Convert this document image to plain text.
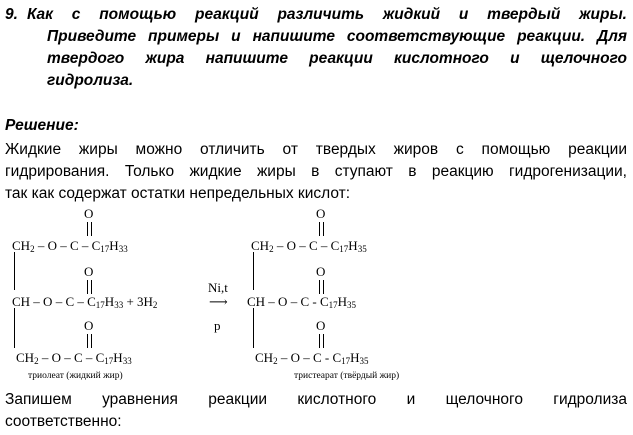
9. Как с помощью реакций различить жидкий и твердый жиры.
Приведите примеры и напишите соответствующие реакции. Для
твердого жира напишите реакции кислотного и щелочного
гидролиза.
Решение:
Жидкие жиры можно отличить от твердых жиров с помощью реакции
гидрирования. Только жидкие жиры в ступают в реакцию гидрогенизации,
так как содержат остатки непредельных кислот:
O
O
O
$CH_2$ – O – C – $C_{17}H_{33}$
CH – $O - C - C_{17}H_{33} + 3H_2$
$CH_2$ – O – C – $C_{17}H_{33}$
триолеат (жидкий жир)
Ni,t
⟶
p
O
O
O
$CH_2$ – O – C – $C_{17}H_{35}$
CH – O – C - $C_{17}H_{35}$
$CH_2$ – O – C - $C_{17}H_{35}$
тристеарат (твёрдый жир)
Запишем уравнения реакции кислотного и щелочного гидролиза
соответственно:
